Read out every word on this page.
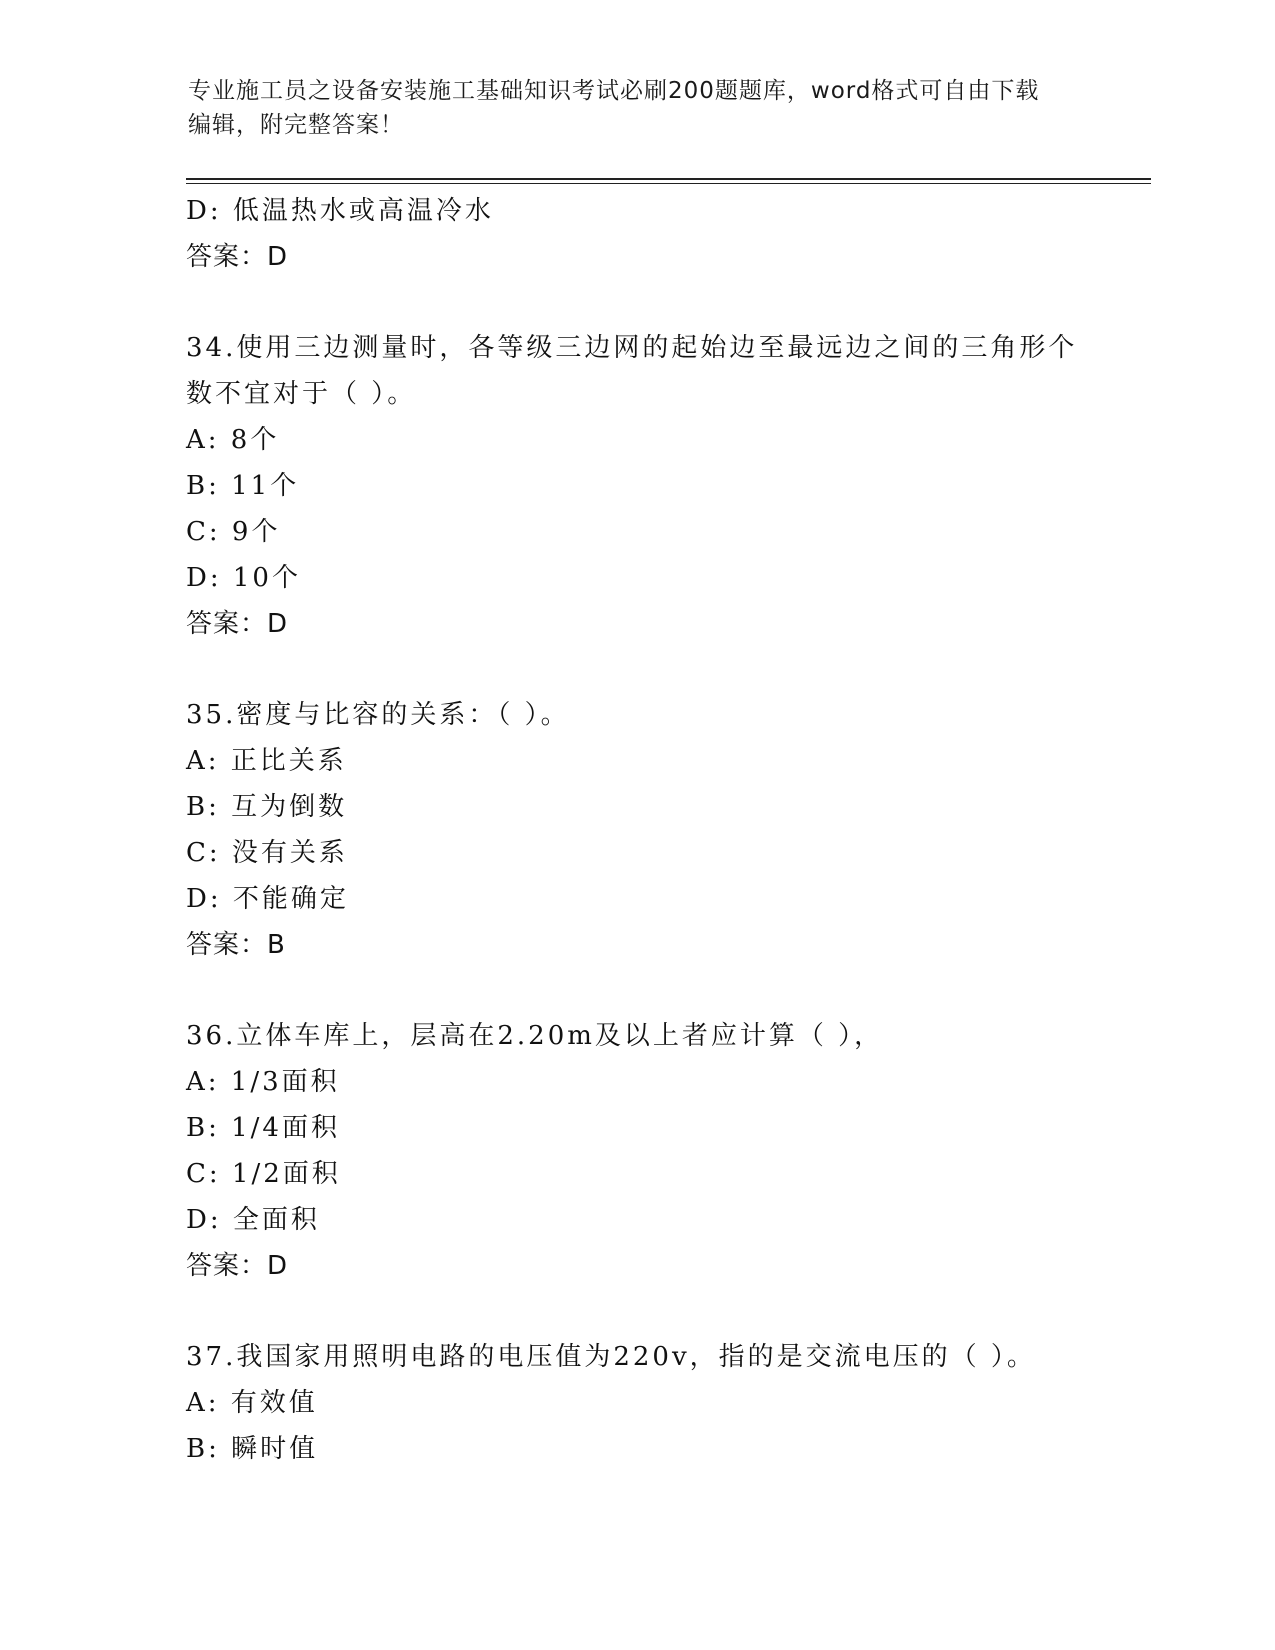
专业施工员之设备安装施工基础知识考试必刷200题题库，word格式可自由下载
编辑，附完整答案！
D: 低温热水或高温冷水
答案：D
34.使用三边测量时，各等级三边网的起始边至最远边之间的三角形个
数不宜对于（ ）。
A: 8个
B: 11个
C: 9个
D: 10个
答案：D
35.密度与比容的关系：（ ）。
A: 正比关系
B: 互为倒数
C: 没有关系
D: 不能确定
答案：B
36.立体车库上，层高在2.20m及以上者应计算（ ），
A: 1/3面积
B: 1/4面积
C: 1/2面积
D: 全面积
答案：D
37.我国家用照明电路的电压值为220v，指的是交流电压的（ ）。
A: 有效值
B: 瞬时值
